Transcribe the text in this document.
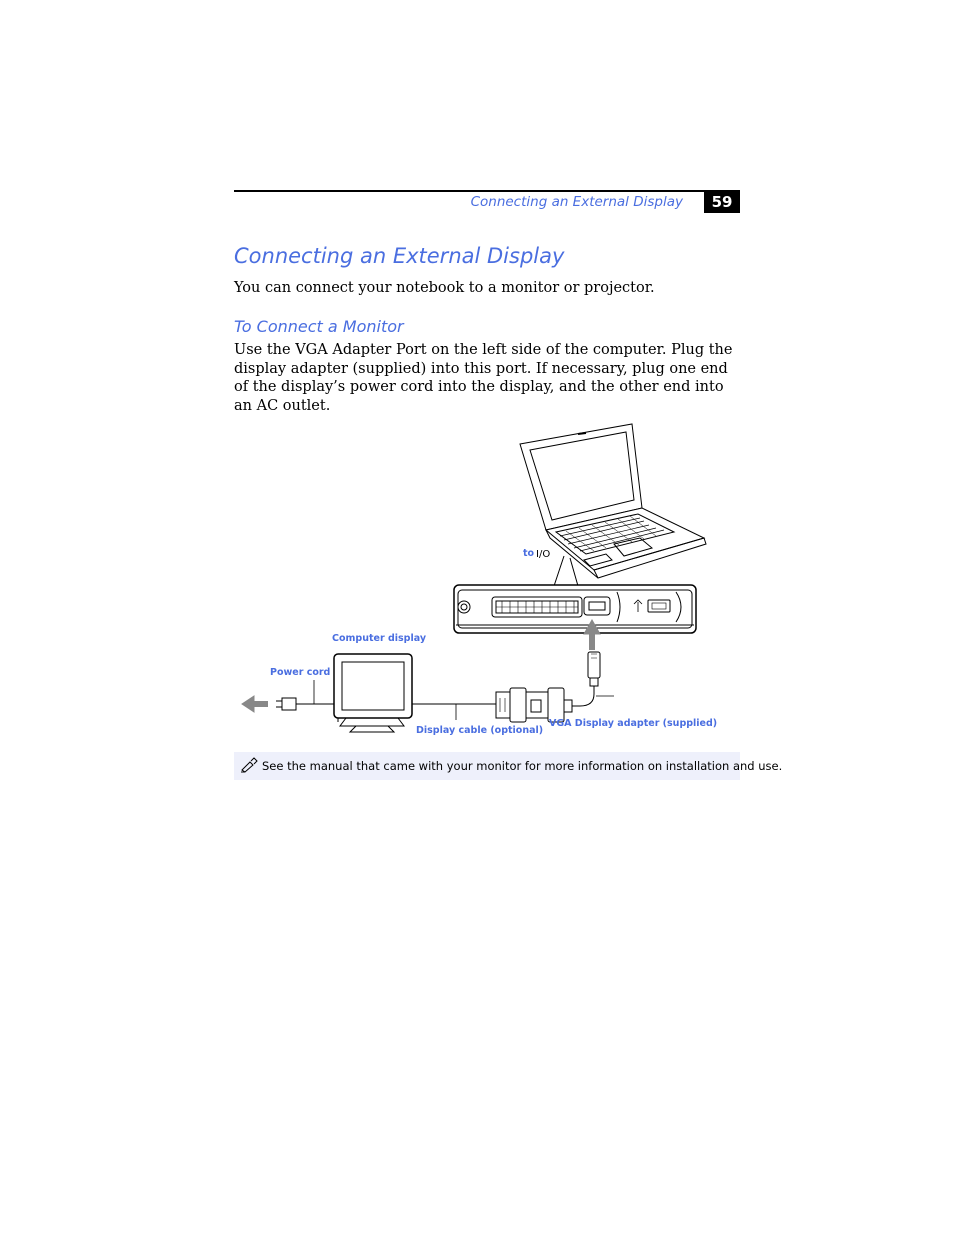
Connecting an External Display	59
Connecting an External Display

You can connect your notebook to a monitor or projector.

To Connect a Monitor

Use the VGA Adapter Port on the left side of the computer. Plug the display adapter (supplied) into this port. If necessary, plug one end of the display’s power cord into the display, and the other end into an AC outlet.

to I/O
Computer display
Power cord
Display cable (optional)
VGA Display adapter (supplied)
See the manual that came with your monitor for more information on installation and use.
